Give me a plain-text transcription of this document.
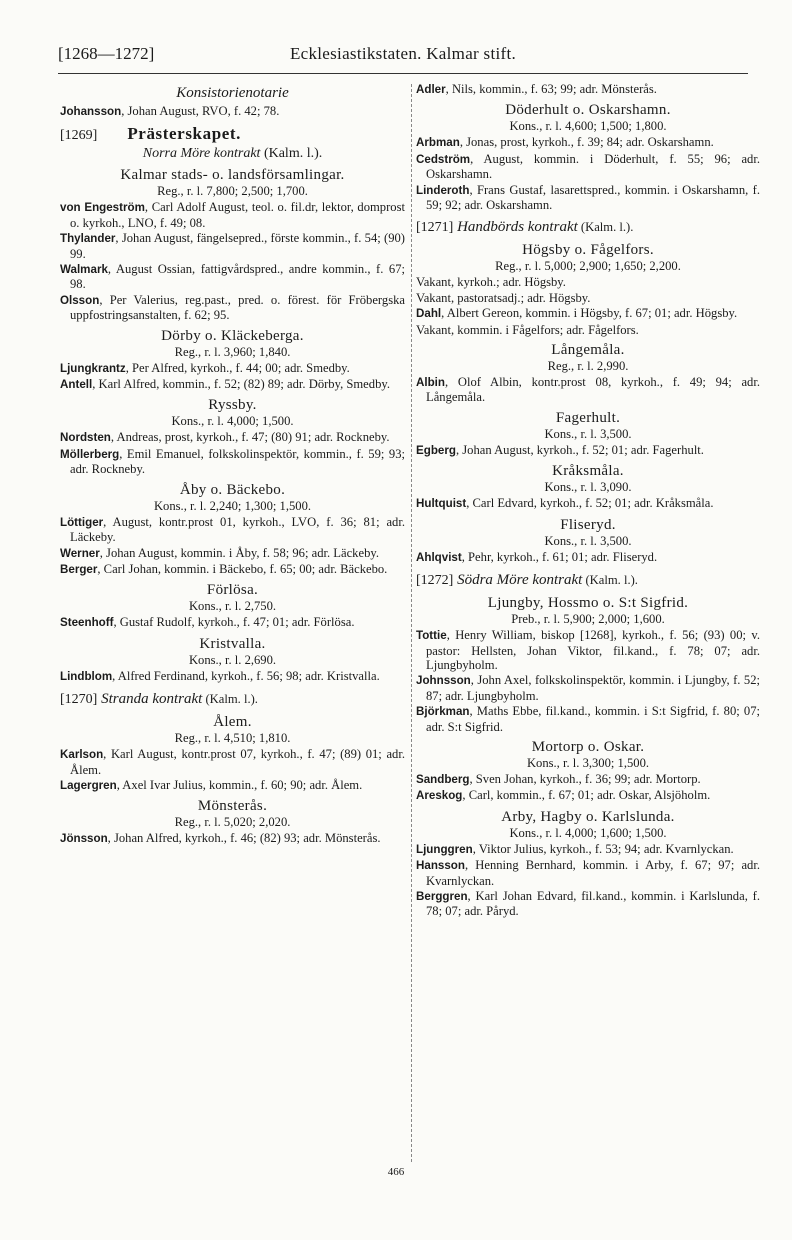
[1268—1272]	Ecklesiastikstaten. Kalmar stift.
Konsistorienotarie

Johansson, Johan August, RVO, f. 42; 78.

[1269]   Prästerskapet.
Norra Möre kontrakt (Kalm. l.).
Kalmar stads- o. landsförsamlingar.
Reg., r. l. 7,800; 2,500; 1,700.

von Engeström, Carl Adolf August, teol. o. fil.dr, lektor, domprost o. kyrkoh., LNO, f. 49; 08.

Thylander, Johan August, fängelsepred., förste kommin., f. 54; (90) 99.

Walmark, August Ossian, fattigvårdspred., andre kommin., f. 67; 98.

Olsson, Per Valerius, reg.past., pred. o. förest. för Fröbergska uppfostringsanstalten, f. 62; 95.

Dörby o. Kläckeberga.
Reg., r. l. 3,960; 1,840.

Ljungkrantz, Per Alfred, kyrkoh., f. 44; 00; adr. Smedby.

Antell, Karl Alfred, kommin., f. 52; (82) 89; adr. Dörby, Smedby.

Ryssby.
Kons., r. l. 4,000; 1,500.

Nordsten, Andreas, prost, kyrkoh., f. 47; (80) 91; adr. Rockneby.

Möllerberg, Emil Emanuel, folkskolinspektör, kommin., f. 59; 93; adr. Rockneby.

Åby o. Bäckebo.
Kons., r. l. 2,240; 1,300; 1,500.

Löttiger, August, kontr.prost 01, kyrkoh., LVO, f. 36; 81; adr. Läckeby.

Werner, Johan August, kommin. i Åby, f. 58; 96; adr. Läckeby.

Berger, Carl Johan, kommin. i Bäckebo, f. 65; 00; adr. Bäckebo.

Förlösa.
Kons., r. l. 2,750.

Steenhoff, Gustaf Rudolf, kyrkoh., f. 47; 01; adr. Förlösa.

Kristvalla.
Kons., r. l. 2,690.

Lindblom, Alfred Ferdinand, kyrkoh., f. 56; 98; adr. Kristvalla.

[1270] Stranda kontrakt (Kalm. l.).
Ålem.
Reg., r. l. 4,510; 1,810.

Karlson, Karl August, kontr.prost 07, kyrkoh., f. 47; (89) 01; adr. Ålem.

Lagergren, Axel Ivar Julius, kommin., f. 60; 90; adr. Ålem.

Mönsterås.
Reg., r. l. 5,020; 2,020.

Jönsson, Johan Alfred, kyrkoh., f. 46; (82) 93; adr. Mönsterås.

Adler, Nils, kommin., f. 63; 99; adr. Mönsterås.

Döderhult o. Oskarshamn.
Kons., r. l. 4,600; 1,500; 1,800.

Arbman, Jonas, prost, kyrkoh., f. 39; 84; adr. Oskarshamn.

Cedström, August, kommin. i Döderhult, f. 55; 96; adr. Oskarshamn.

Linderoth, Frans Gustaf, lasarettspred., kommin. i Oskarshamn, f. 59; 92; adr. Oskarshamn.

[1271] Handbörds kontrakt (Kalm. l.).
Högsby o. Fågelfors.
Reg., r. l. 5,000; 2,900; 1,650; 2,200.

Vakant, kyrkoh.; adr. Högsby.

Vakant, pastoratsadj.; adr. Högsby.

Dahl, Albert Gereon, kommin. i Högsby, f. 67; 01; adr. Högsby.

Vakant, kommin. i Fågelfors; adr. Fågelfors.

Långemåla.
Reg., r. l. 2,990.

Albin, Olof Albin, kontr.prost 08, kyrkoh., f. 49; 94; adr. Långemåla.

Fagerhult.
Kons., r. l. 3,500.

Egberg, Johan August, kyrkoh., f. 52; 01; adr. Fagerhult.

Kråksmåla.
Kons., r. l. 3,090.

Hultquist, Carl Edvard, kyrkoh., f. 52; 01; adr. Kråksmåla.

Fliseryd.
Kons., r. l. 3,500.

Ahlqvist, Pehr, kyrkoh., f. 61; 01; adr. Fliseryd.

[1272] Södra Möre kontrakt (Kalm. l.).
Ljungby, Hossmo o. S:t Sigfrid.
Preb., r. l. 5,900; 2,000; 1,600.

Tottie, Henry William, biskop [1268], kyrkoh., f. 56; (93) 00; v. pastor: Hellsten, Johan Viktor, fil.kand., f. 78; 07; adr. Ljungbyholm.

Johnsson, John Axel, folkskolinspektör, kommin. i Ljungby, f. 52; 87; adr. Ljungbyholm.

Björkman, Maths Ebbe, fil.kand., kommin. i S:t Sigfrid, f. 80; 07; adr. S:t Sigfrid.

Mortorp o. Oskar.
Kons., r. l. 3,300; 1,500.

Sandberg, Sven Johan, kyrkoh., f. 36; 99; adr. Mortorp.

Areskog, Carl, kommin., f. 67; 01; adr. Oskar, Alsjöholm.

Arby, Hagby o. Karlslunda.
Kons., r. l. 4,000; 1,600; 1,500.

Ljunggren, Viktor Julius, kyrkoh., f. 53; 94; adr. Kvarnlyckan.

Hansson, Henning Bernhard, kommin. i Arby, f. 67; 97; adr. Kvarnlyckan.

Berggren, Karl Johan Edvard, fil.kand., kommin. i Karlslunda, f. 78; 07; adr. Påryd.

466
